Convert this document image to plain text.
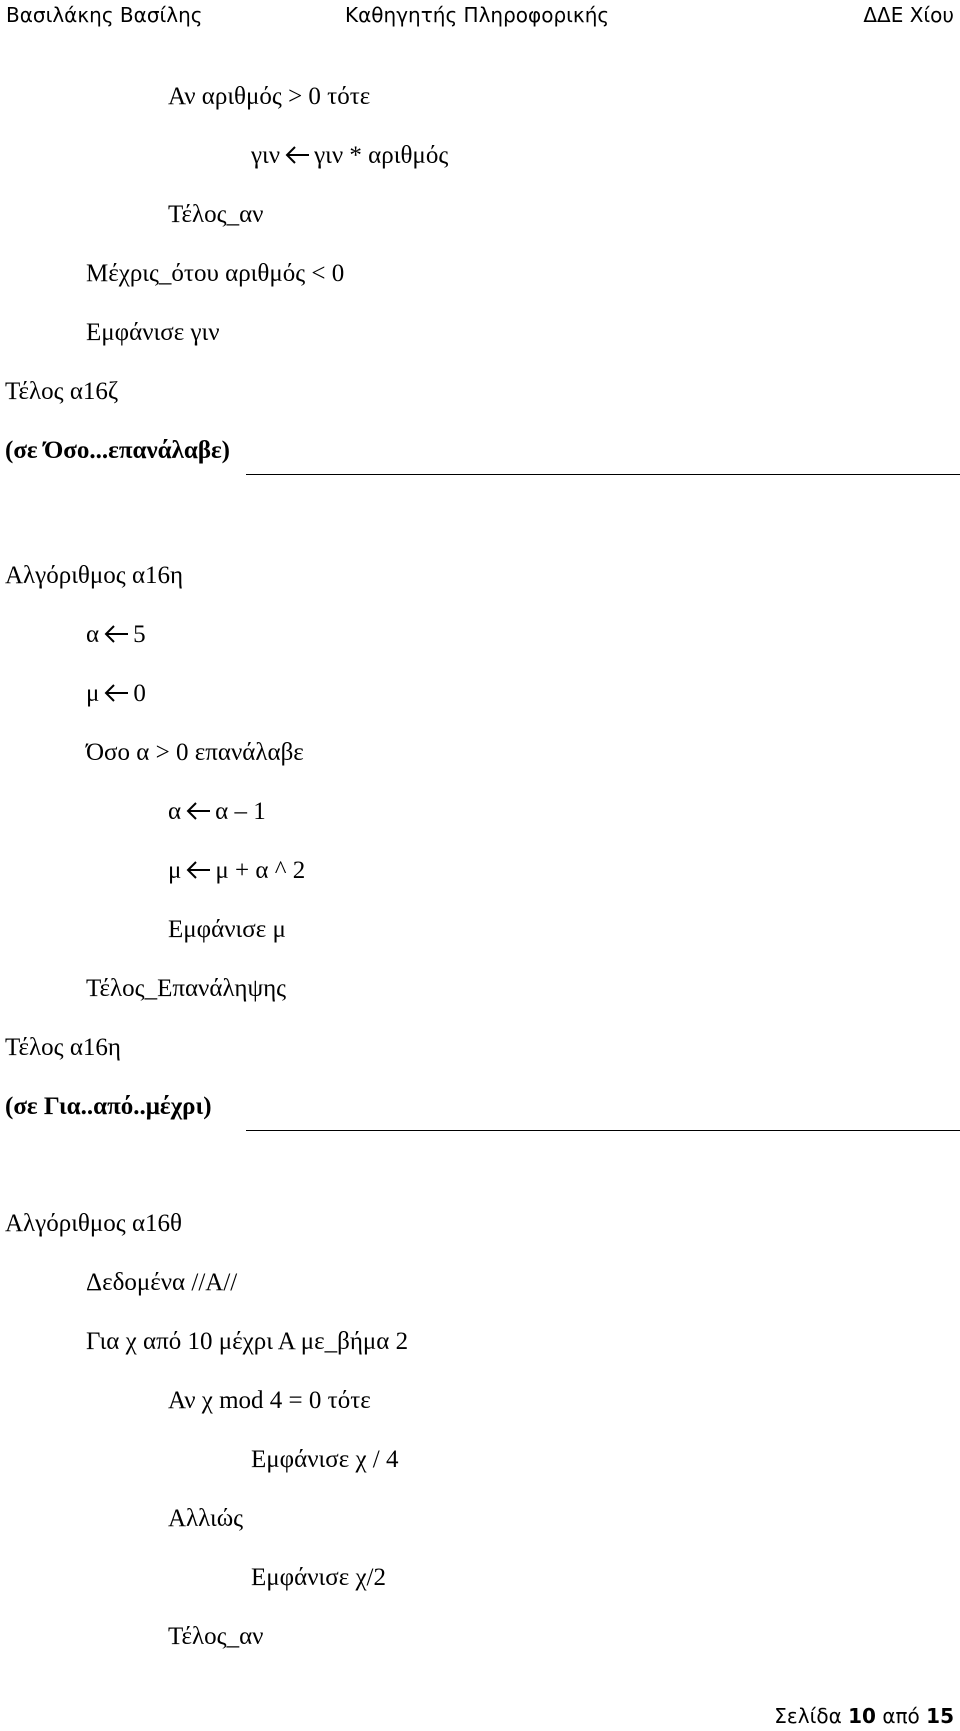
Βασιλάκης Βασίλης	Καθηγητής Πληροφορικής	ΔΔΕ Χίου
Αν αριθμός > 0 τότε
γιν γιν * αριθμός
Τέλος_αν
Μέχρις_ότου αριθμός < 0
Εμφάνισε γιν
Τέλος α16ζ
(σε Όσο...επανάλαβε)
Αλγόριθμος α16η
α 5
μ 0
Όσο α > 0 επανάλαβε
α α – 1
μ μ + α ^ 2
Εμφάνισε μ
Τέλος_Επανάληψης
Τέλος α16η
(σε Για..από..μέχρι)
Αλγόριθμος α16θ
Δεδομένα //Α//
Για χ από 10 μέχρι Α με_βήμα 2
Αν χ mod 4 = 0 τότε
Εμφάνισε χ / 4
Αλλιώς
Εμφάνισε χ/2
Τέλος_αν
Σελίδα 10 από 15
